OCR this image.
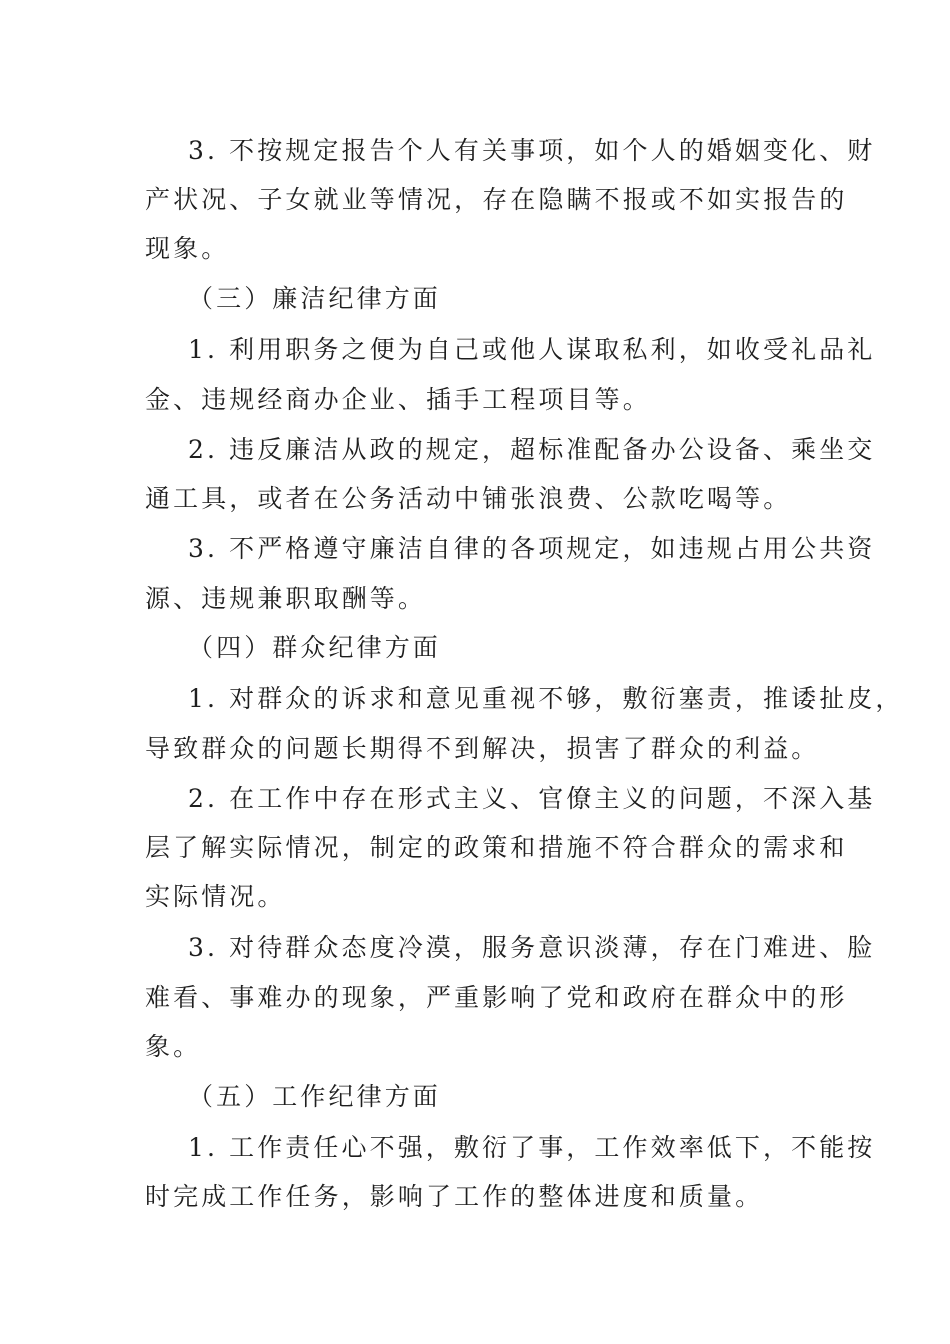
3. 不按规定报告个人有关事项，如个人的婚姻变化、财
产状况、子女就业等情况，存在隐瞒不报或不如实报告的
现象。
（三）廉洁纪律方面
1. 利用职务之便为自己或他人谋取私利，如收受礼品礼
金、违规经商办企业、插手工程项目等。
2. 违反廉洁从政的规定，超标准配备办公设备、乘坐交
通工具，或者在公务活动中铺张浪费、公款吃喝等。
3. 不严格遵守廉洁自律的各项规定，如违规占用公共资
源、违规兼职取酬等。
（四）群众纪律方面
1. 对群众的诉求和意见重视不够，敷衍塞责，推诿扯皮，
导致群众的问题长期得不到解决，损害了群众的利益。
2. 在工作中存在形式主义、官僚主义的问题，不深入基
层了解实际情况，制定的政策和措施不符合群众的需求和
实际情况。
3. 对待群众态度冷漠，服务意识淡薄，存在门难进、脸
难看、事难办的现象，严重影响了党和政府在群众中的形
象。
（五）工作纪律方面
1. 工作责任心不强，敷衍了事，工作效率低下，不能按
时完成工作任务，影响了工作的整体进度和质量。
